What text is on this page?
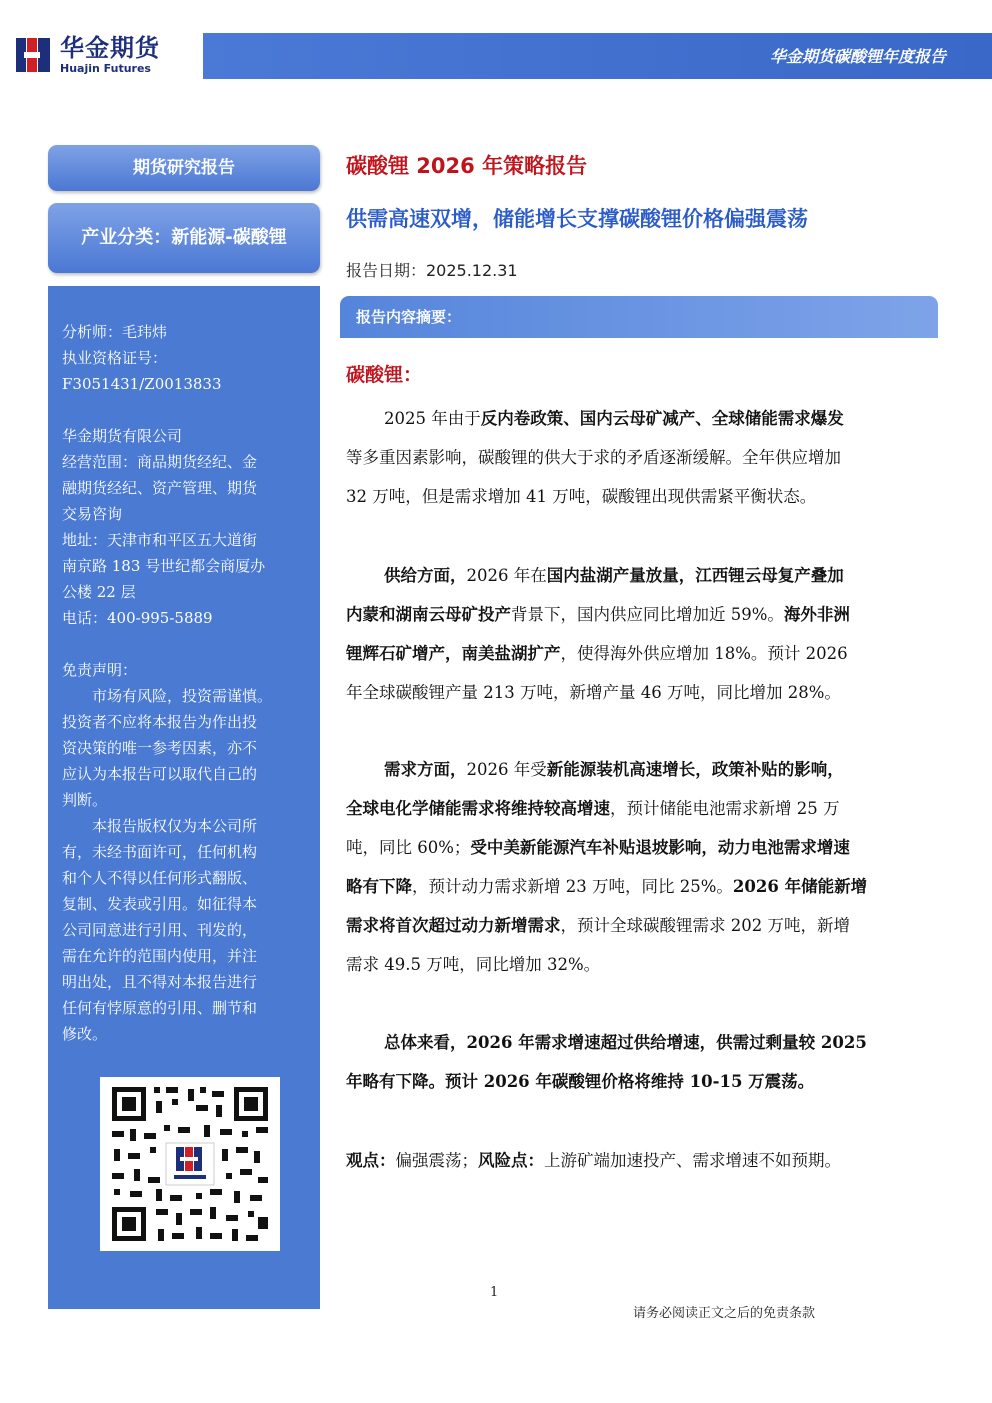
华金期货
Huajin Futures
华金期货碳酸锂年度报告
期货研究报告
产业分类：新能源-碳酸锂
分析师：毛玮炜
执业资格证号：
F3051431/Z0013833
华金期货有限公司
经营范围：商品期货经纪、金
融期货经纪、资产管理、期货
交易咨询
地址：天津市和平区五大道街
南京路 183 号世纪都会商厦办
公楼 22 层
电话：400-995-5889
免责声明：
市场有风险，投资需谨慎。
投资者不应将本报告为作出投
资决策的唯一参考因素，亦不
应认为本报告可以取代自己的
判断。
本报告版权仅为本公司所
有，未经书面许可，任何机构
和个人不得以任何形式翻版、
复制、发表或引用。如征得本
公司同意进行引用、刊发的，
需在允许的范围内使用，并注
明出处，且不得对本报告进行
任何有悖原意的引用、删节和
修改。
碳酸锂 2026 年策略报告
供需高速双增，储能增长支撑碳酸锂价格偏强震荡
报告日期：2025.12.31
报告内容摘要：
碳酸锂：
2025 年由于反内卷政策、国内云母矿减产、全球储能需求爆发
等多重因素影响，碳酸锂的供大于求的矛盾逐渐缓解。全年供应增加
32 万吨，但是需求增加 41 万吨，碳酸锂出现供需紧平衡状态。
供给方面，2026 年在国内盐湖产量放量，江西锂云母复产叠加
内蒙和湖南云母矿投产背景下，国内供应同比增加近 59%。海外非洲
锂辉石矿增产，南美盐湖扩产，使得海外供应增加 18%。预计 2026
年全球碳酸锂产量 213 万吨，新增产量 46 万吨，同比增加 28%。
需求方面，2026 年受新能源装机高速增长，政策补贴的影响，
全球电化学储能需求将维持较高增速，预计储能电池需求新增 25 万
吨，同比 60%；受中美新能源汽车补贴退坡影响，动力电池需求增速
略有下降，预计动力需求新增 23 万吨，同比 25%。2026 年储能新增
需求将首次超过动力新增需求，预计全球碳酸锂需求 202 万吨，新增
需求 49.5 万吨，同比增加 32%。
总体来看，2026 年需求增速超过供给增速，供需过剩量较 2025
年略有下降。预计 2026 年碳酸锂价格将维持 10-15 万震荡。
观点：偏强震荡；风险点：上游矿端加速投产、需求增速不如预期。
1
请务必阅读正文之后的免责条款
